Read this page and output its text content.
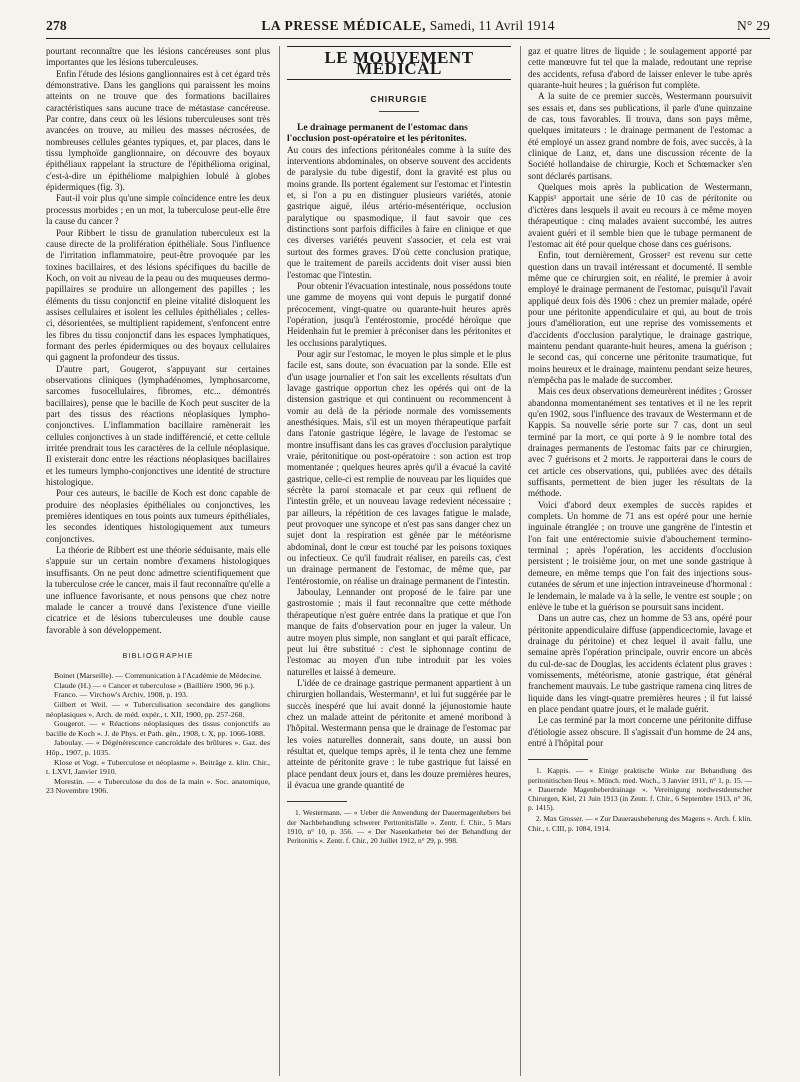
278	LA PRESSE MÉDICALE, Samedi, 11 Avril 1914	N° 29

pourtant reconnaître que les lésions cancéreuses sont plus importantes que les lésions tuberculeuses.

Enfin l'étude des lésions ganglionnaires est à cet égard très démonstrative. Dans les ganglions qui paraissent les moins atteints on ne trouve que des formations bacillaires caractéristiques sans aucune trace de métastase cancéreuse. Par contre, dans ceux où les lésions tuberculeuses sont très avancées on trouve, au milieu des masses nécrosées, de nombreuses cellules géantes typiques, et, par places, dans le tissu lymphoïde ganglionnaire, on découvre des boyaux épithéliaux rappelant la structure de l'épithélioma original, c'est-à-dire un épithéliome malpighien lobulé à globes épidermiques (fig. 3).

Faut-il voir plus qu'une simple coïncidence entre les deux processus morbides ; en un mot, la tuberculose peut-elle être la cause du cancer ?

Pour Ribbert le tissu de granulation tuberculeux est la cause directe de la prolifération épithéliale. Sous l'influence de l'irritation inflammatoire, peut-être provoquée par les toxines bacillaires, et des lésions spécifiques du bacille de Koch, on voit au niveau de la peau ou des muqueuses dermo-papillaires se produire un allongement des papilles ; les éléments du tissu conjonctif en pleine vitalité disloquent les assises cellulaires et isolent les cellules épithéliales ; celles-ci, désorientées, se multiplient rapidement, s'enfoncent entre les fibres du tissu conjonctif dans les espaces lymphatiques, formant des perles épidermiques ou des boyaux cellulaires qui gagnent la profondeur des tissus.

D'autre part, Gougerot, s'appuyant sur certaines observations cliniques (lymphadénomes, lymphosarcome, sarcomes fusocellulaires, fibromes, etc... démontrés bacillaires), pense que le bacille de Koch peut susciter de la part des tissus des réactions néoplasiques lympho-conjonctives. L'inflammation bacillaire ramènerait les cellules conjonctives à un stade indifférencié, et cette cellule irritée prendrait tous les caractères de la cellule néoplasique. Il existerait donc entre les réactions néoplasiques bacillaires et les tumeurs lympho-conjonctives une identité de structure histologique.

Pour ces auteurs, le bacille de Koch est donc capable de produire des néoplasies épithéliales ou conjonctives, les premières identiques en tous points aux tumeurs épithéliales, les secondes identiques histologiquement aux tumeurs conjonctives.

La théorie de Ribbert est une théorie séduisante, mais elle s'appuie sur un certain nombre d'examens histologiques insuffisants. On ne peut donc admettre scientifiquement que la tuberculose crée le cancer, mais il faut reconnaître qu'elle a une influence favorisante, et nous pensons que chez notre malade le cancer a trouvé dans l'existence d'une vieille cicatrice et de lésions tuberculeuses une double cause favorable à son développement.

BIBLIOGRAPHIE

Boinet (Marseille). — Communication à l'Académie de Médecine.

Claude (H.) — « Cancer et tuberculose » (Baillière 1900, 96 p.).

Franco. — Virchow's Archiv, 1908, p. 193.

Gilbert et Weil. — « Tuberculisation secondaire des ganglions néoplasiques ». Arch. de méd. expér., t. XII, 1900, pp. 257-268.

Gougerot. — « Réactions néoplasiques des tissus conjonctifs au bacille de Koch ». J. de Phys. et Path. gén., 1908, t. X, pp. 1066-1088.

Jaboulay. — « Dégénérescence cancroïdale des brûlures ». Gaz. des Hôp., 1907, p. 1035.

Klose et Vogt. « Tuberculose et néoplasme ». Beiträge z. klin. Chir., t. LXVI, Janvier 1910.

Morestin. — « Tuberculose du dos de la main ». Soc. anatomique, 23 Novembre 1906.

LE MOUVEMENT MÉDICAL
CHIRURGIE

Le drainage permanent de l'estomac dans l'occlusion post-opératoire et les péritonites.

Au cours des infections péritonéales comme à la suite des interventions abdominales, on observe souvent des accidents de paralysie du tube digestif, dont la gravité est plus ou moins grande. Ils portent également sur l'estomac et l'intestin et, si l'on a pu en distinguer plusieurs variétés, atonie gastrique aiguë, iléus artério-mésentérique, occlusion paralytique ou spasmodique, il faut savoir que ces distinctions sont parfois difficiles à faire en clinique et que ces diverses variétés peuvent s'associer, et cela est vrai surtout des formes graves. D'où cette conclusion pratique, que le traitement de pareils accidents doit viser aussi bien l'estomac que l'intestin.

Pour obtenir l'évacuation intestinale, nous possédons toute une gamme de moyens qui vont depuis le purgatif donné précocement, vingt-quatre ou quarante-huit heures après l'opération, jusqu'à l'entérostomie, procédé héroïque que Heidenhain fut le premier à préconiser dans les péritonites et les occlusions paralytiques.

Pour agir sur l'estomac, le moyen le plus simple et le plus facile est, sans doute, son évacuation par la sonde. Elle est d'un usage journalier et l'on sait les excellents résultats d'un lavage gastrique opportun chez les opérés qui ont de la distension gastrique et qui continuent ou recommencent à vomir au delà de la période normale des vomissements anesthésiques. Mais, s'il est un moyen thérapeutique parfait dans l'atonie gastrique légère, le lavage de l'estomac se montre insuffisant dans les cas graves d'occlusion paralytique vraie, péritonitique ou post-opératoire : son action est trop momentanée ; quelques heures après qu'il a évacué la cavité gastrique, celle-ci est remplie de nouveau par les liquides que sécrète la paroi stomacale et par ceux qui refluent de l'intestin grêle, et un nouveau lavage redevient nécessaire ; par ailleurs, la répétition de ces lavages fatigue le malade, peut provoquer une syncope et n'est pas sans danger chez un sujet dont la respiration est gênée par le météorisme abdominal, dont le cœur est touché par les poisons toxiques ou infectieux. Ce qu'il faudrait réaliser, en pareils cas, c'est un drainage permanent de l'estomac, de même que, par l'entérostomie, on réalise un drainage permanent de l'intestin.

Jaboulay, Lennander ont proposé de le faire par une gastrostomie ; mais il faut reconnaître que cette méthode thérapeutique n'est guère entrée dans la pratique et que l'on manque de faits d'observation pour en juger la valeur. Un autre moyen plus simple, non sanglant et qui paraît efficace, peut lui être substitué : c'est le siphonnage continu de l'estomac au moyen d'un tube introduit par les voies naturelles et laissé à demeure.

L'idée de ce drainage gastrique permanent appartient à un chirurgien hollandais, Westermann¹, et lui fut suggérée par le succès inespéré que lui avait donné la jéjunostomie haute chez un malade atteint de péritonite et amené moribond à l'hôpital. Westermann pensa que le drainage de l'estomac par les voies naturelles donnerait, sans doute, un aussi bon résultat et, quelque temps après, il le tenta chez une femme atteinte de péritonite grave : le tube gastrique fut laissé en place pendant deux jours et, dans les douze premières heures, il évacua une grande quantité de

1. Westermann. — « Ueber die Anwendung der Dauermagenhebers bei der Nachbehandlung schwerer Peritonitisfälle ». Zentr. f. Chir., 5 Mars 1910, n° 10, p. 356. — « Der Nasenkatheter bei der Behandlung der Peritonitis ». Zentr. f. Chir., 20 Juillet 1912, n° 29, p. 998.

gaz et quatre litres de liquide ; le soulagement apporté par cette manœuvre fut tel que la malade, redoutant une reprise des accidents, refusa d'abord de laisser enlever le tube après quarante-huit heures ; la guérison fut complète.

A la suite de ce premier succès, Westermann poursuivit ses essais et, dans ses publications, il parle d'une quinzaine de cas, tous favorables. Il trouva, dans son pays même, quelques imitateurs : le drainage permanent de l'estomac a été employé un assez grand nombre de fois, avec succès, à la clinique de Lanz, et, dans une discussion récente de la Société hollandaise de chirurgie, Koch et Schœmacker s'en sont déclarés partisans.

Quelques mois après la publication de Westermann, Kappis¹ apportait une série de 10 cas de péritonite ou d'ictères dans lesquels il avait eu recours à ce même moyen thérapeutique : cinq malades avaient succombé, les autres avaient guéri et il semble bien que le tubage permanent de l'estomac ait été pour quelque chose dans ces guérisons.

Enfin, tout dernièrement, Grosser² est revenu sur cette question dans un travail intéressant et documenté. Il semble même que ce chirurgien soit, en réalité, le premier à avoir employé le drainage permanent de l'estomac, puisqu'il l'avait appliqué deux fois dès 1906 : chez un premier malade, opéré pour une péritonite appendiculaire et qui, au bout de trois jours d'amélioration, eut une reprise des vomissements et d'accidents d'occlusion paralytique, le drainage gastrique, maintenu pendant quarante-huit heures, amena la guérison ; le second cas, qui concerne une péritonite traumatique, fut moins heureux et le drainage, maintenu pendant seize heures, n'empêcha pas le malade de succomber.

Mais ces deux observations demeurèrent inédites ; Grosser abandonna momentanément ses tentatives et il ne les reprit qu'en 1902, sous l'influence des travaux de Westermann et de Kappis. Sa nouvelle série porte sur 7 cas, dont un seul terminé par la mort, ce qui porte à 9 le nombre total des drainages permanents de l'estomac faits par ce chirurgien, avec 7 guérisons et 2 morts. Je rapporterai dans le cours de cet article ces observations, qui, publiées avec des détails suffisants, permettent de bien juger les résultats de la méthode.

Voici d'abord deux exemples de succès rapides et complets. Un homme de 71 ans est opéré pour une hernie inguinale étranglée ; on trouve une gangrène de l'intestin et l'on fait une entérectomie suivie d'abouchement termino-terminal ; après l'opération, les accidents d'occlusion persistent ; le troisième jour, on met une sonde gastrique à demeure, en même temps que l'on fait des injections sous-cutanées de sérum et une injection intraveineuse d'hormonal : le lendemain, le malade va à la selle, le ventre est souple ; on enlève le tube et la guérison se poursuit sans incident.

Dans un autre cas, chez un homme de 53 ans, opéré pour péritonite appendiculaire diffuse (appendicectomie, lavage et drainage du péritoine) et chez lequel il avait fallu, une semaine après l'opération principale, ouvrir encore un abcès du cul-de-sac de Douglas, les accidents éclatent plus graves : vomissements, météorisme, atonie gastrique, état général franchement mauvais. Le tube gastrique ramena cinq litres de liquide dans les vingt-quatre premières heures ; il fut laissé en place pendant quatre jours, et le malade guérit.

Le cas terminé par la mort concerne une péritonite diffuse d'étiologie assez obscure. Il s'agissait d'un homme de 24 ans, entré à l'hôpital pour

1. Kappis. — « Einige praktische Winke zur Behandlung des peritonitischen Ileus ». Münch. med. Woch., 3 Janvier 1911, n° 1, p. 15. — « Dauernde Magenheberdrainage ». Vereinigung nordwestdeutscher Chirurgen, Kiel, 21 Juin 1913 (in Zentr. f. Chir., 6 Septembre 1913, n° 36, p. 1415).

2. Max Grosser. — « Zur Dauerausheberung des Magens ». Arch. f. klin. Chir., t. CIII, p. 1084, 1914.
